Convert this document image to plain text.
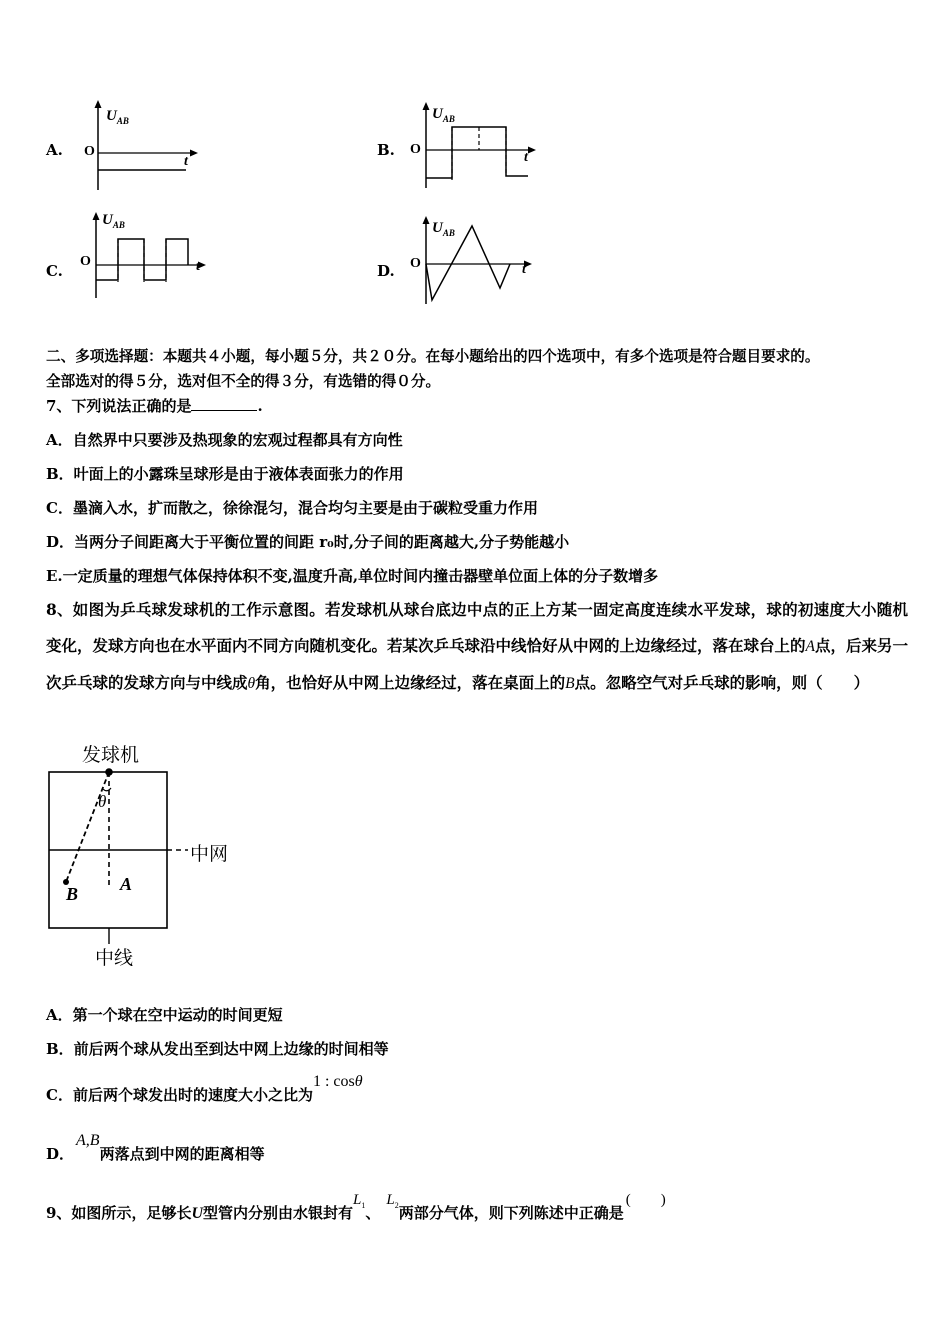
A.
$U_{AB}$
O
t
B.
$U_{AB}$
O
t
C.
$U_{AB}$
O	t	D.
$U_{AB}$
O	t
二、多项选择题：本题共４小题，每小题５分，共２０分。在每小题给出的四个选项中，有多个选项是符合题目要求的。
全部选对的得５分，选对但不全的得３分，有选错的得０分。
7、下列说法正确的是	.
A．自然界中只要涉及热现象的宏观过程都具有方向性
B．叶面上的小露珠呈球形是由于液体表面张力的作用
C．墨滴入水，扩而散之，徐徐混匀，混合均匀主要是由于碳粒受重力作用
D．当两分子间距离大于平衡位置的间距 r₀时,分子间的距离越大,分子势能越小
E.一定质量的理想气体保持体积不变,温度升高,单位时间内撞击器壁单位面上体的分子数增多
8、如图为乒乓球发球机的工作示意图。若发球机从球台底边中点的正上方某一固定高度连续水平发球，球的初速度大小随机变化，发球方向也在水平面内不同方向随机变化。若某次乒乓球沿中线恰好从中网的上边缘经过，落在球台上的A点，后来另一次乒乓球的发球方向与中线成θ角，也恰好从中网上边缘经过，落在桌面上的B点。忽略空气对乒乓球的影响，则（　　）
发球机
中网
中线
θ
A
B
A．第一个球在空中运动的时间更短
B．前后两个球从发出至到达中网上边缘的时间相等
C．前后两个球发出时的速度大小之比为1 : cosθ
D．A,B两落点到中网的距离相等
9、如图所示，足够长U型管内分别由水银封有$L_1$、$L_2$两部分气体，则下列陈述中正确是(　　)
